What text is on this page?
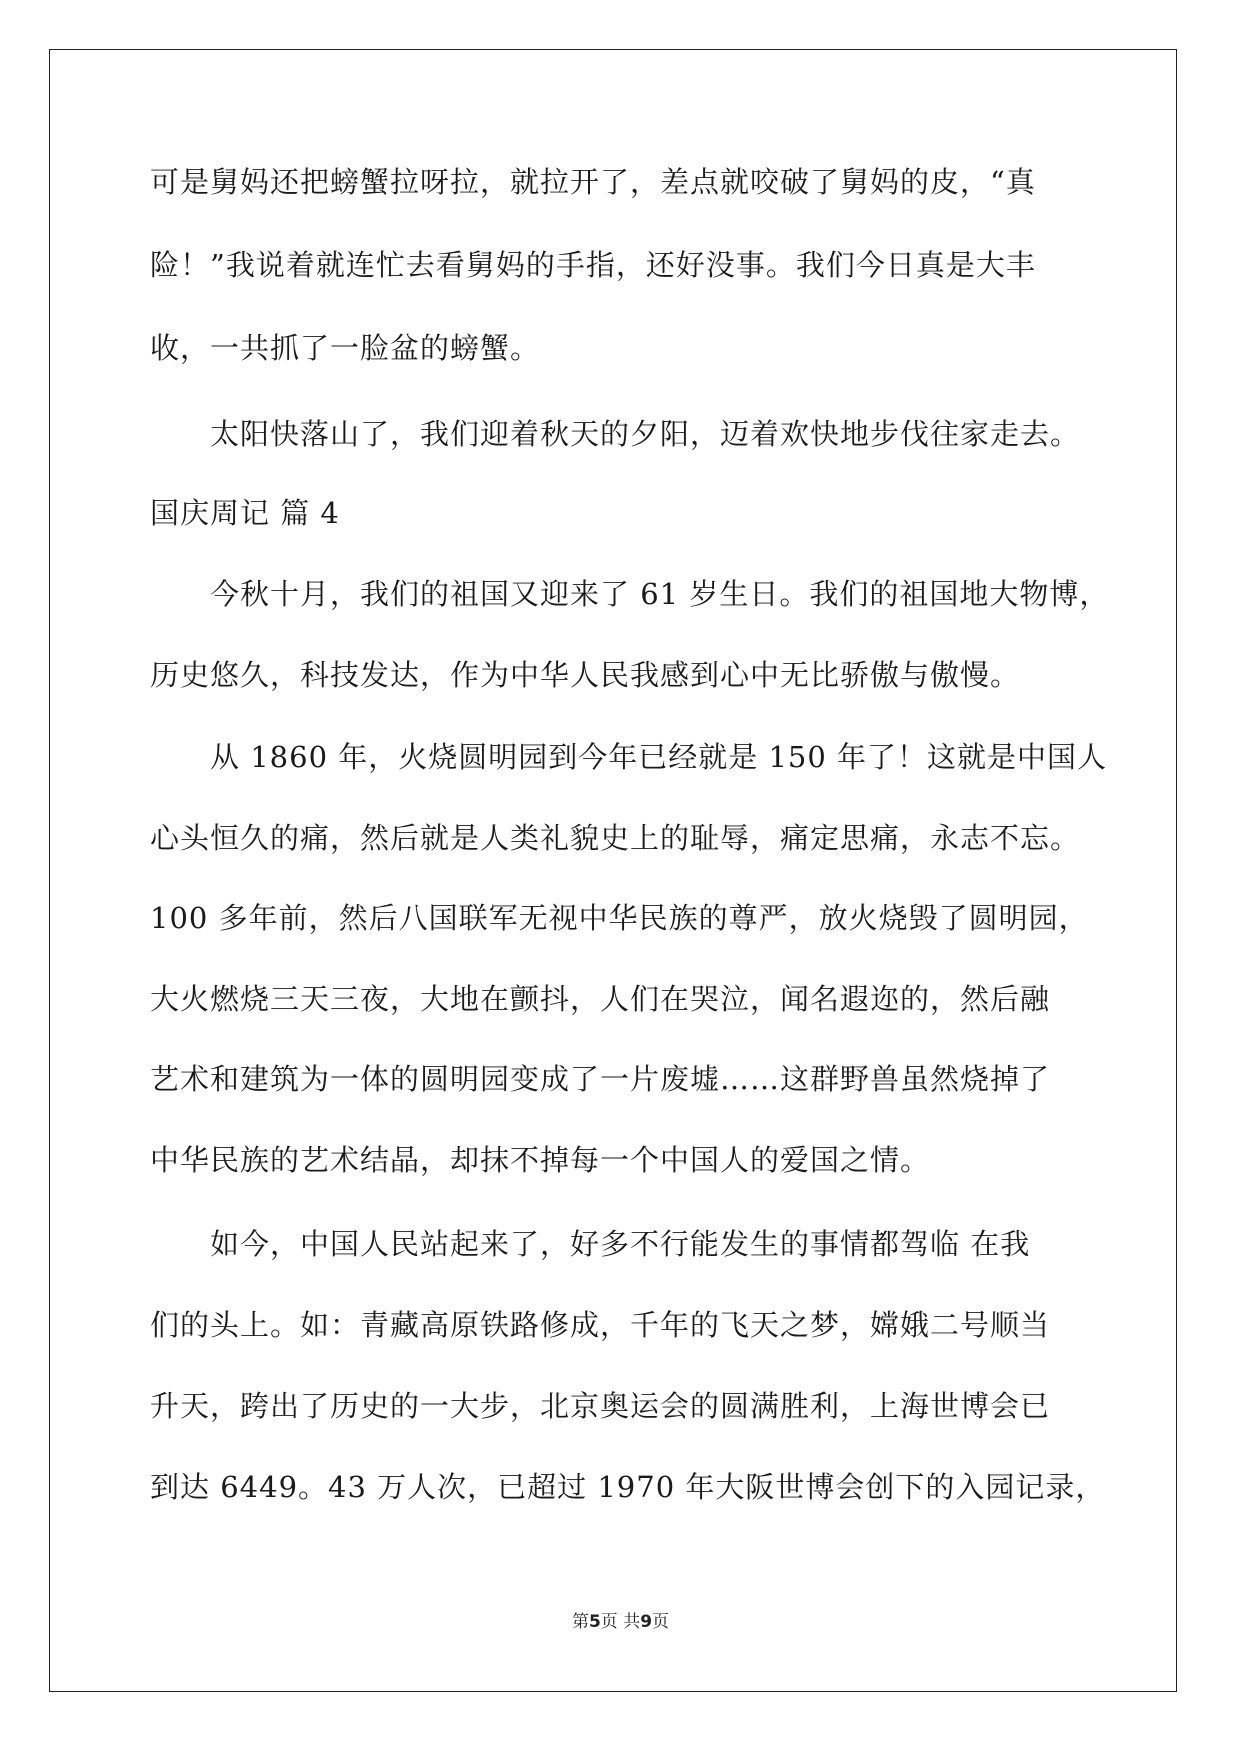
可是舅妈还把螃蟹拉呀拉，就拉开了，差点就咬破了舅妈的皮，“真
险！”我说着就连忙去看舅妈的手指，还好没事。我们今日真是大丰
收，一共抓了一脸盆的螃蟹。
太阳快落山了，我们迎着秋天的夕阳，迈着欢快地步伐往家走去。
国庆周记 篇 4
今秋十月，我们的祖国又迎来了 61 岁生日。我们的祖国地大物博，
历史悠久，科技发达，作为中华人民我感到心中无比骄傲与傲慢。
从 1860 年，火烧圆明园到今年已经就是 150 年了！这就是中国人
心头恒久的痛，然后就是人类礼貌史上的耻辱，痛定思痛，永志不忘。
100 多年前，然后八国联军无视中华民族的尊严，放火烧毁了圆明园，
大火燃烧三天三夜，大地在颤抖，人们在哭泣，闻名遐迩的，然后融
艺术和建筑为一体的圆明园变成了一片废墟……这群野兽虽然烧掉了
中华民族的艺术结晶，却抹不掉每一个中国人的爱国之情。
如今，中国人民站起来了，好多不行能发生的事情都驾临 在我
们的头上。如：青藏高原铁路修成，千年的飞天之梦，嫦娥二号顺当
升天，跨出了历史的一大步，北京奥运会的圆满胜利，上海世博会已
到达 6449。43 万人次，已超过 1970 年大阪世博会创下的入园记录，
第5页 共9页
